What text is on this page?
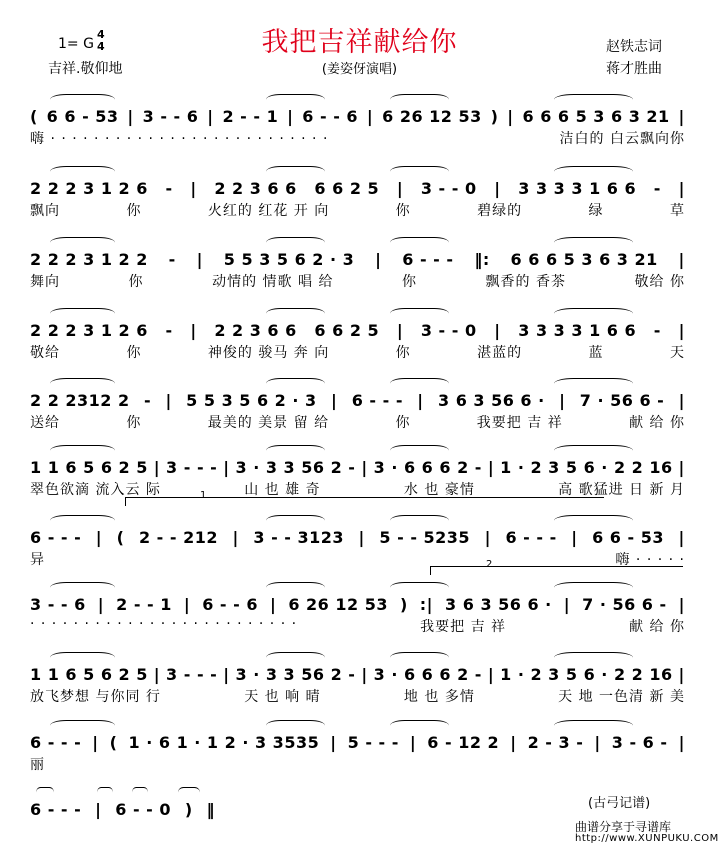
我把吉祥献给你
1= G
4
4
吉祥.敬仰地	(姜姿伢演唱)
赵铁志词
蒋才胜曲
( 6 6 - 53 | 3 - - 6 | 2 - - 1 | 6 - - 6 | 6 26 12 53 ) | 6 6 6 5 3 6 3 21 |
嗨 · · · · · · · · · · · · · · · · · · · · · · · · · ·	洁白的 白云飘向你
2 2 2 3 1 2 6 - | 2 2 3 6 6 6 6 2 5 | 3 - - 0 | 3 3 3 3 1 6 6 - |
飘向	你	火红的 红花 开 向	你	碧绿的	绿	草
2 2 2 3 1 2 2 - | 5 5 3 5 6 2 · 3 | 6 - - - ‖: 6 6 6 5 3 6 3 21 |
舞向	你	动情的 情歌 唱 给	你	飘香的 香茶	敬给 你
2 2 2 3 1 2 6 - | 2 2 3 6 6 6 6 2 5 | 3 - - 0 | 3 3 3 3 1 6 6 - |
敬给	你	神俊的 骏马 奔 向	你	湛蓝的	蓝	天
2 2 2312 2 - | 5 5 3 5 6 2 · 3 | 6 - - - | 3 6 3 56 6 · | 7 · 56 6 - |
送给	你	最美的 美景 留 给	你	我要把 吉 祥	献 给 你
1 1 6 5 6 2 5 | 3 - - - | 3 · 3 3 56 2 - | 3 · 6 6 6 2 - | 1 · 2 3 5 6 · 2 2 16 |
翠色欲滴 流入云 际	山 也 雄 奇	水 也 豪情	高 歌猛进 日 新 月
6 - - - | ( 2 - - 212 | 3 - - 3123 | 5 - - 5235 | 6 - - - | 6 6 - 53 |
异	嗨 · · · · ·
3 - - 6 | 2 - - 1 | 6 - - 6 | 6 26 12 53 ) :| 3 6 3 56 6 · | 7 · 56 6 - |
· · · · · · · · · · · · · · · · · · · · · · · · ·	我要把 吉 祥	献 给 你
1 1 6 5 6 2 5 | 3 - - - | 3 · 3 3 56 2 - | 3 · 6 6 6 2 - | 1 · 2 3 5 6 · 2 2 16 |
放飞梦想 与你同 行	天 也 响 晴	地 也 多情	天 地 一色清 新 美
6 - - - | ( 1 · 6 1 · 1 2 · 3 3535 | 5 - - - | 6 - 12 2 | 2 - 3 - | 3 - 6 - |
丽
6 - - - | 6 - - 0 ) ‖
1
2
(古弓记谱)
曲谱分享于寻谱库
http://www.XUNPUKU.COM
